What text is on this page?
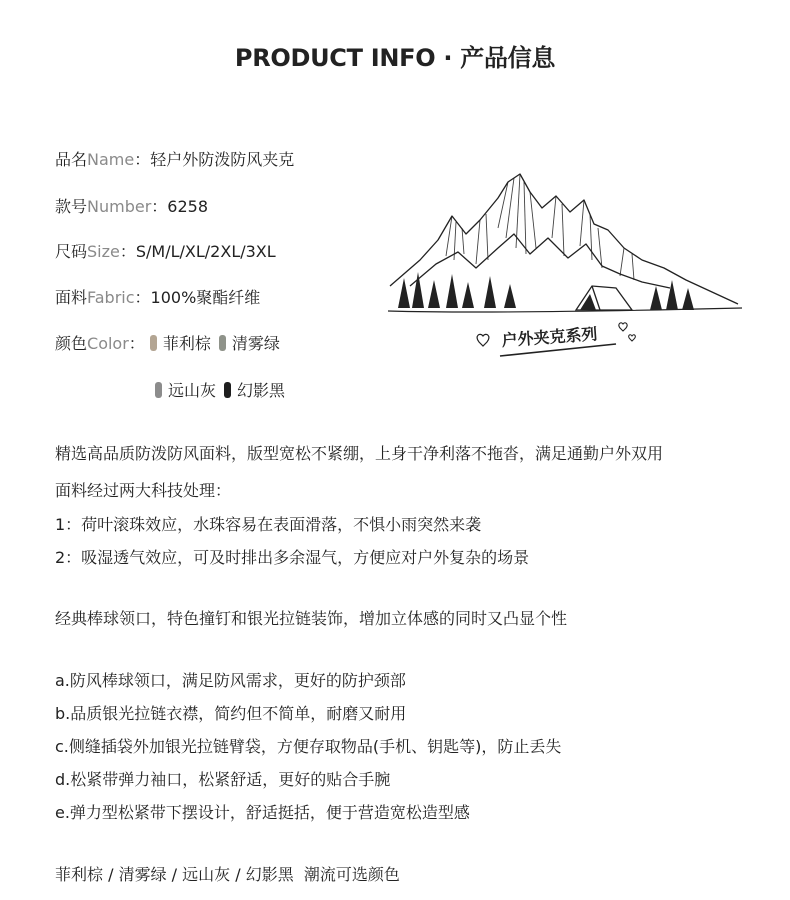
PRODUCT INFO · 产品信息
品名Name：轻户外防泼防风夹克
款号Number：6258
尺码Size：S/M/L/XL/2XL/3XL
面料Fabric：100%聚酯纤维
颜色Color： 菲利棕 清雾绿
远山灰 幻影黑
户外夹克系列
精选高品质防泼防风面料，版型宽松不紧绷，上身干净利落不拖沓，满足通勤户外双用
面料经过两大科技处理：
1：荷叶滚珠效应，水珠容易在表面滑落，不惧小雨突然来袭
2：吸湿透气效应，可及时排出多余湿气，方便应对户外复杂的场景
经典棒球领口，特色撞钉和银光拉链装饰，增加立体感的同时又凸显个性
a.防风棒球领口，满足防风需求，更好的防护颈部
b.品质银光拉链衣襟，简约但不简单，耐磨又耐用
c.侧缝插袋外加银光拉链臂袋，方便存取物品(手机、钥匙等)，防止丢失
d.松紧带弹力袖口，松紧舒适，更好的贴合手腕
e.弹力型松紧带下摆设计，舒适挺括，便于营造宽松造型感
菲利棕 / 清雾绿 / 远山灰 / 幻影黑  潮流可选颜色
